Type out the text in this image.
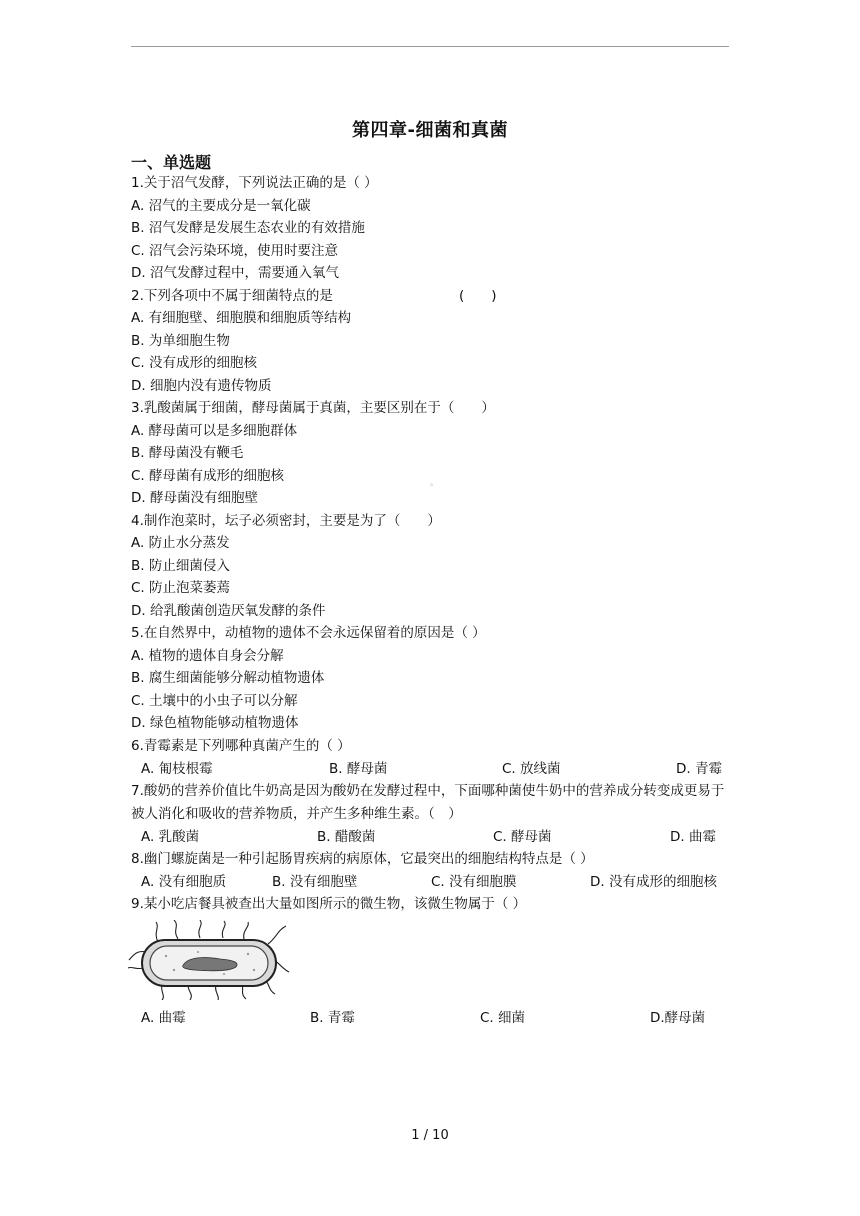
第四章-细菌和真菌
一、单选题
1.关于沼气发酵，下列说法正确的是（ ）
A. 沼气的主要成分是一氧化碳
B. 沼气发酵是发展生态农业的有效措施
C. 沼气会污染环境，使用时要注意
D. 沼气发酵过程中，需要通入氧气
2.下列各项中不属于细菌特点的是	(　　)
A. 有细胞壁、细胞膜和细胞质等结构
B. 为单细胞生物
C. 没有成形的细胞核
D. 细胞内没有遗传物质
3.乳酸菌属于细菌，酵母菌属于真菌，主要区别在于（　　）
A. 酵母菌可以是多细胞群体
B. 酵母菌没有鞭毛
C. 酵母菌有成形的细胞核	。
D. 酵母菌没有细胞壁
4.制作泡菜时，坛子必须密封，主要是为了（　　）
A. 防止水分蒸发
B. 防止细菌侵入
C. 防止泡菜萎蔫
D. 给乳酸菌创造厌氧发酵的条件
5.在自然界中，动植物的遗体不会永远保留着的原因是（ ）
A. 植物的遗体自身会分解
B. 腐生细菌能够分解动植物遗体
C. 土壤中的小虫子可以分解
D. 绿色植物能够动植物遗体
6.青霉素是下列哪种真菌产生的（ ）
A. 匍枝根霉	B. 酵母菌	C. 放线菌	D. 青霉
7.酸奶的营养价值比牛奶高是因为酸奶在发酵过程中，下面哪种菌使牛奶中的营养成分转变成更易于被人消化和吸收的营养物质，并产生多种维生素。（　）
A. 乳酸菌	B. 醋酸菌	C. 酵母菌	D. 曲霉
8.幽门螺旋菌是一种引起肠胃疾病的病原体，它最突出的细胞结构特点是（ ）
A. 没有细胞质	B. 没有细胞壁	C. 没有细胞膜	D. 没有成形的细胞核
9.某小吃店餐具被查出大量如图所示的微生物，该微生物属于（ ）
A. 曲霉	B. 青霉	C. 细菌	D.酵母菌
1 / 10
